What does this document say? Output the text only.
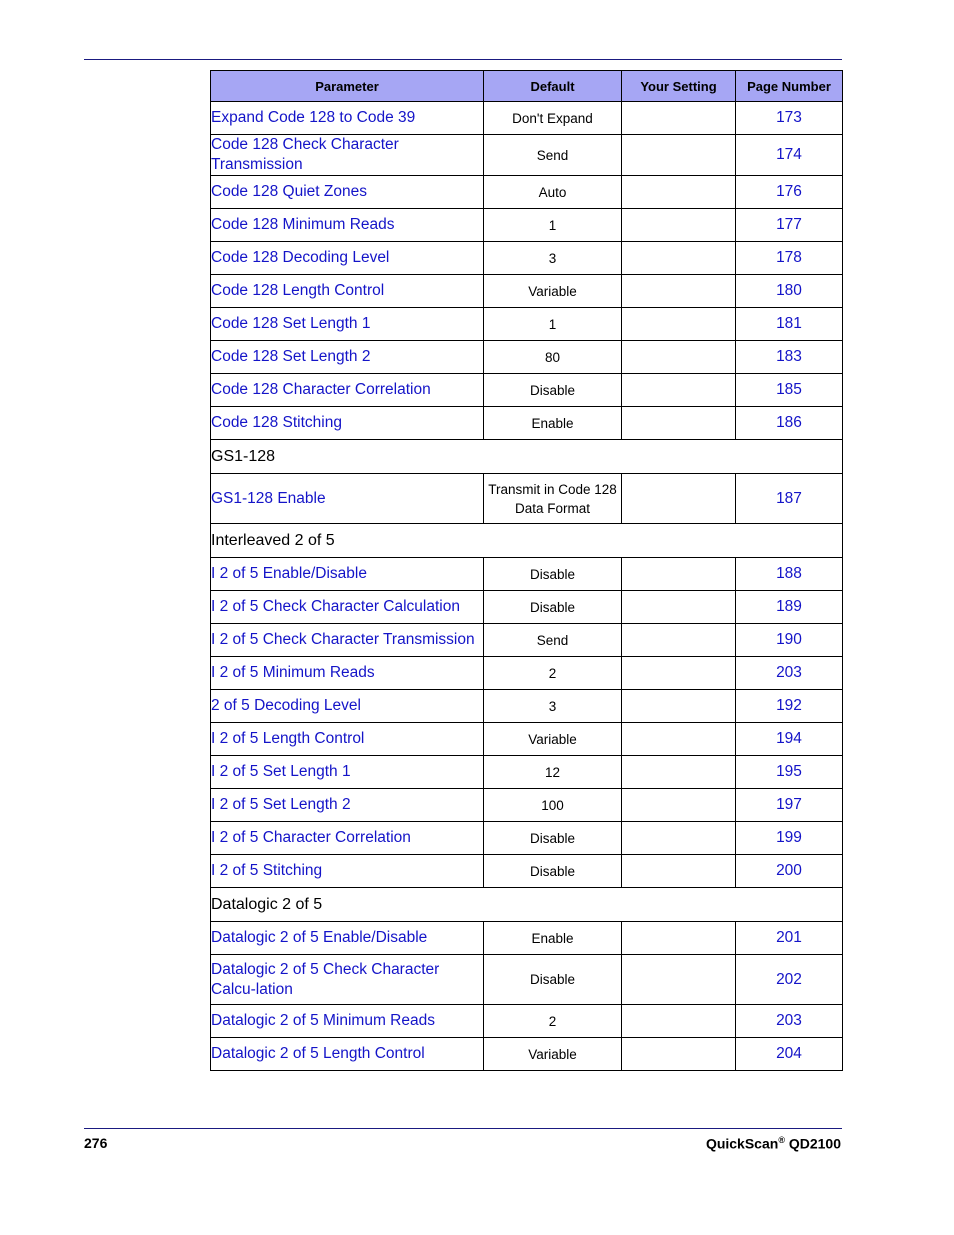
Parameter	Default	Your Setting	Page Number
Expand Code 128 to Code 39	Don't Expand		173
Code 128 Check Character Transmission	Send		174
Code 128 Quiet Zones	Auto		176
Code 128 Minimum Reads	1		177
Code 128 Decoding Level	3		178
Code 128 Length Control	Variable		180
Code 128 Set Length 1	1		181
Code 128 Set Length 2	80		183
Code 128 Character Correlation	Disable		185
Code 128 Stitching	Enable		186
GS1-128			
GS1-128 Enable	Transmit in Code 128 Data Format		187
Interleaved 2 of 5			
I 2 of 5 Enable/Disable	Disable		188
I 2 of 5 Check Character Calculation	Disable		189
I 2 of 5 Check Character Transmission	Send		190
I 2 of 5 Minimum Reads	2		203
2 of 5 Decoding Level	3		192
I 2 of 5 Length Control	Variable		194
I 2 of 5 Set Length 1	12		195
I 2 of 5 Set Length 2	100		197
I 2 of 5 Character Correlation	Disable		199
I 2 of 5 Stitching	Disable		200
Datalogic 2 of 5			
Datalogic 2 of 5 Enable/Disable	Enable		201
Datalogic 2 of 5 Check Character Calcu-lation	Disable		202
Datalogic 2 of 5 Minimum Reads	2		203
Datalogic 2 of 5 Length Control	Variable		204
276	QuickScan® QD2100
